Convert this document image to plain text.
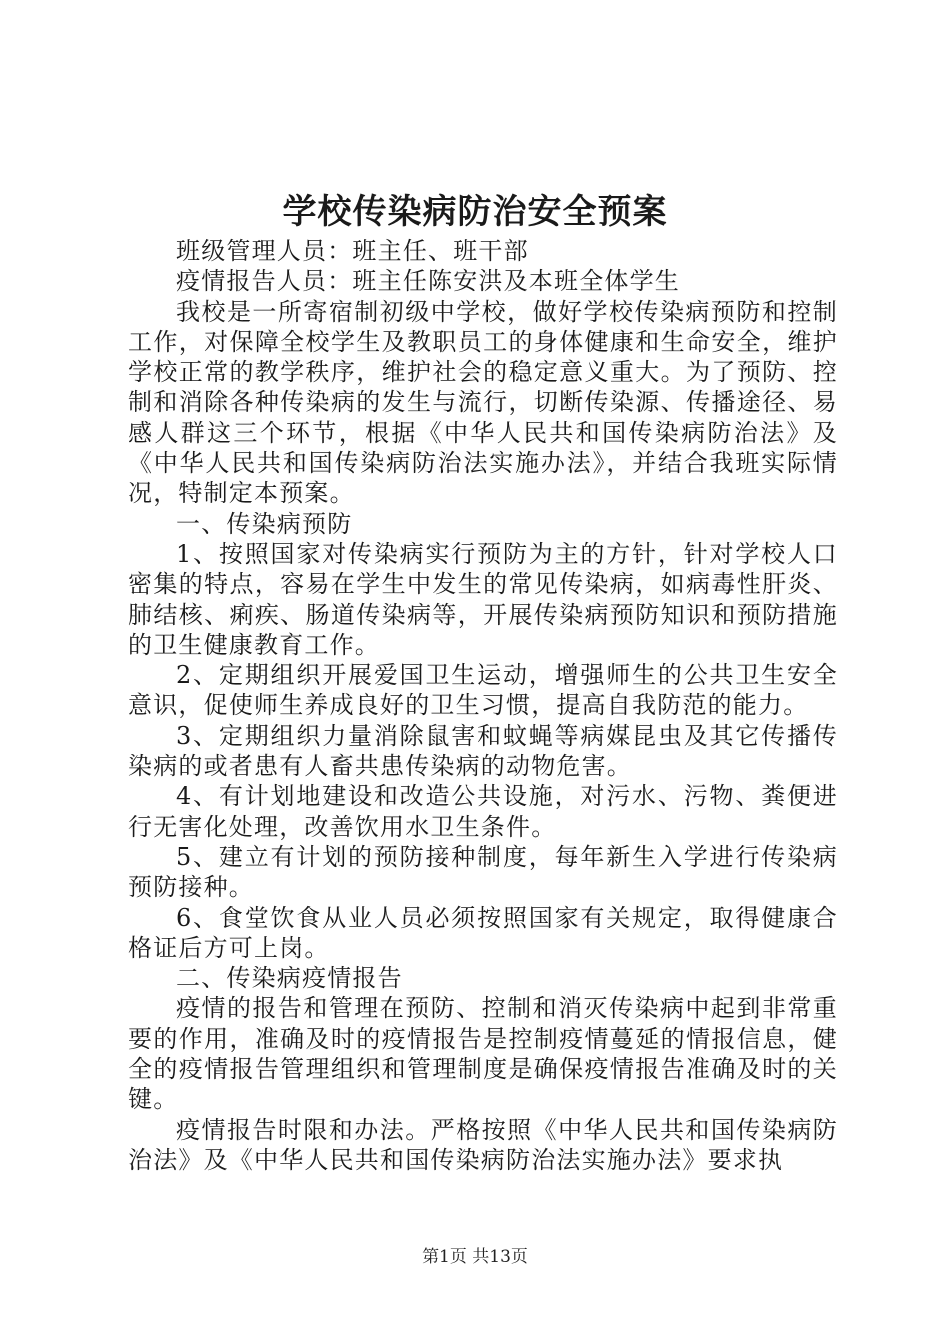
学校传染病防治安全预案

班级管理人员：班主任、班干部

疫情报告人员：班主任陈安洪及本班全体学生

我校是一所寄宿制初级中学校，做好学校传染病预防和控制工作，对保障全校学生及教职员工的身体健康和生命安全，维护学校正常的教学秩序，维护社会的稳定意义重大。为了预防、控制和消除各种传染病的发生与流行，切断传染源、传播途径、易感人群这三个环节，根据《中华人民共和国传染病防治法》及《中华人民共和国传染病防治法实施办法》，并结合我班实际情况，特制定本预案。

一、传染病预防

1、按照国家对传染病实行预防为主的方针，针对学校人口密集的特点，容易在学生中发生的常见传染病，如病毒性肝炎、肺结核、痢疾、肠道传染病等，开展传染病预防知识和预防措施的卫生健康教育工作。

2、定期组织开展爱国卫生运动，增强师生的公共卫生安全意识，促使师生养成良好的卫生习惯，提高自我防范的能力。

3、定期组织力量消除鼠害和蚊蝇等病媒昆虫及其它传播传染病的或者患有人畜共患传染病的动物危害。

4、有计划地建设和改造公共设施，对污水、污物、粪便进行无害化处理，改善饮用水卫生条件。

5、建立有计划的预防接种制度，每年新生入学进行传染病预防接种。

6、食堂饮食从业人员必须按照国家有关规定，取得健康合格证后方可上岗。

二、传染病疫情报告

疫情的报告和管理在预防、控制和消灭传染病中起到非常重要的作用，准确及时的疫情报告是控制疫情蔓延的情报信息，健全的疫情报告管理组织和管理制度是确保疫情报告准确及时的关键。

疫情报告时限和办法。严格按照《中华人民共和国传染病防治法》及《中华人民共和国传染病防治法实施办法》要求执

第1页 共13页
